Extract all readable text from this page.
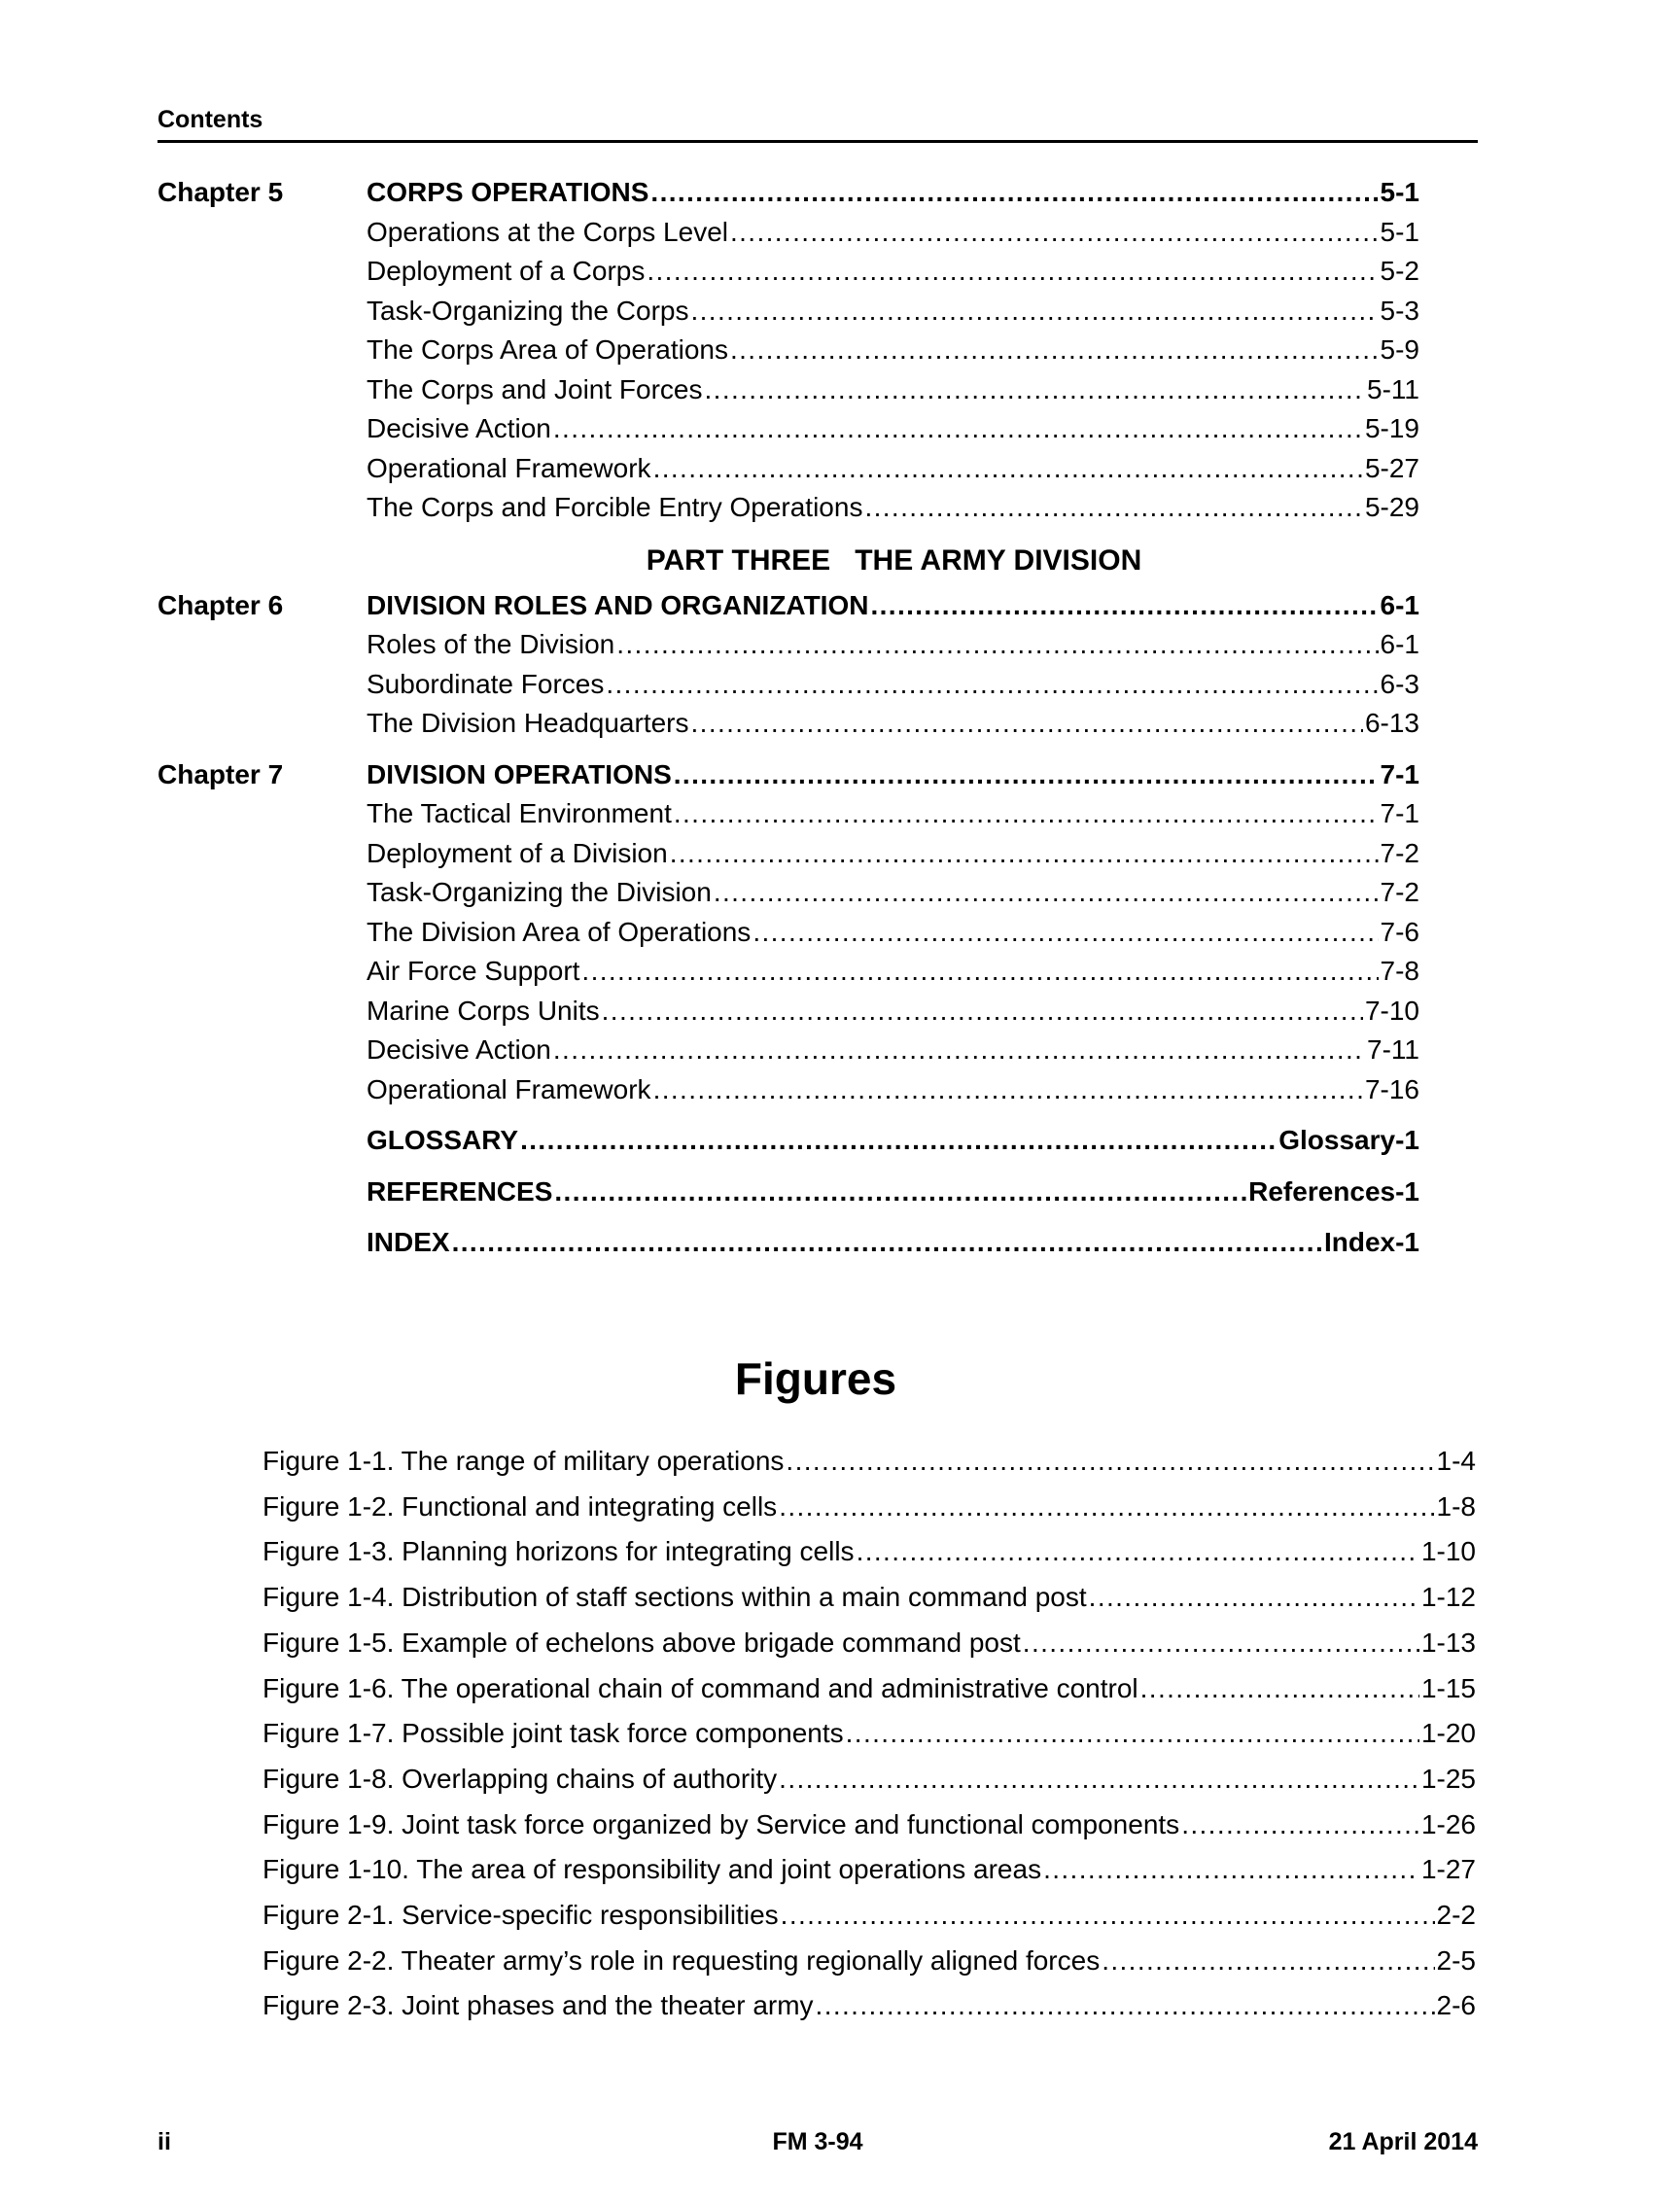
Contents
Chapter 5	CORPS OPERATIONS . . .	5-1
Operations at the Corps Level . . .	5-1
Deployment of a Corps . . .	5-2
Task-Organizing the Corps . . .	5-3
The Corps Area of Operations . . .	5-9
The Corps and Joint Forces . . .	5-11
Decisive Action . . .	5-19
Operational Framework . . .	5-27
The Corps and Forcible Entry Operations . . .	5-29
PART THREE THE ARMY DIVISION
Chapter 6	DIVISION ROLES AND ORGANIZATION . . .	6-1
Roles of the Division . . .	6-1
Subordinate Forces . . .	6-3
The Division Headquarters . . .	6-13
Chapter 7	DIVISION OPERATIONS . . .	7-1
The Tactical Environment . . .	7-1
Deployment of a Division . . .	7-2
Task-Organizing the Division . . .	7-2
The Division Area of Operations . . .	7-6
Air Force Support . . .	7-8
Marine Corps Units . . .	7-10
Decisive Action . . .	7-11
Operational Framework . . .	7-16
GLOSSARY . . .	Glossary-1
REFERENCES . . .	References-1
INDEX . . .	Index-1
Figures
Figure 1-1. The range of military operations . . .	1-4
Figure 1-2. Functional and integrating cells . . .	1-8
Figure 1-3. Planning horizons for integrating cells . . .	1-10
Figure 1-4. Distribution of staff sections within a main command post . . .	1-12
Figure 1-5. Example of echelons above brigade command post . . .	1-13
Figure 1-6. The operational chain of command and administrative control . . .	1-15
Figure 1-7. Possible joint task force components . . .	1-20
Figure 1-8. Overlapping chains of authority . . .	1-25
Figure 1-9. Joint task force organized by Service and functional components . . .	1-26
Figure 1-10. The area of responsibility and joint operations areas . . .	1-27
Figure 2-1. Service-specific responsibilities . . .	2-2
Figure 2-2. Theater army’s role in requesting regionally aligned forces . . .	2-5
Figure 2-3. Joint phases and the theater army . . .	2-6
ii	FM 3-94	21 April 2014
